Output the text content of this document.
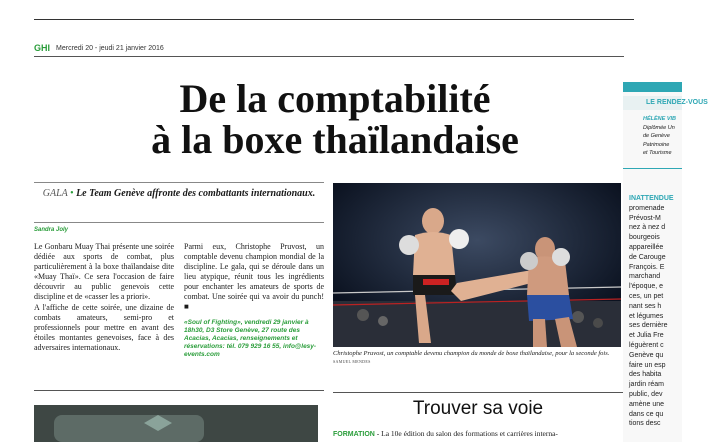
GHI Mercredi 20 - jeudi 21 janvier 2016
De la comptabilité
à la boxe thaïlandaise
GALA • Le Team Genève affronte des combattants internationaux.
Sandra Joly

Le Gonbaru Muay Thai présente une soirée dédiée aux sports de combat, plus particulièrement à la boxe thaïlandaise dite «Muay Thaï». Ce sera l'occasion de faire découvrir au public genevois cette discipline et de «casser les a priori».

A l'affiche de cette soirée, une dizaine de combats amateurs, semi-pro et professionnels pour mettre en avant des étoiles montantes genevoises, face à des adversaires internationaux.

Parmi eux, Christophe Pruvost, un comptable devenu champion mondial de la discipline. Le gala, qui se déroule dans un lieu atypique, réunit tous les ingrédients pour enchanter les amateurs de sports de combat. Une soirée qui va avoir du punch! ■

«Soul of Fighting», vendredi 29 janvier à 18h30, D3 Store Genève, 27 route des Acacias, Acacias, renseignements et réservations: tél. 079 929 16 55, info@lesy-events.com	Christophe Pruvost, un comptable devenu champion du monde de boxe thaïlandaise, pour la seconde fois. SAMUEL MENDES
LE RENDEZ-VOUS
HÉLÈNE VIB
Diplômée Un
de Genève
Patrimoine
et Tourisme
INATTENDUE
promenade
Prévost-M
nez à nez d
bourgeois
appareillée
de Carouge
François. E
marchand
l'époque, e
ces, un pet
nant ses h
et légumes
ses dernière
et Julia Fre
léguèrent c
Genève qu
faire un esp
des habita
jardin réam
public, dev
amène une
dans ce qu
tions desc
Trouver sa voie
FORMATION - La 10e édition du salon des formations et carrières interna-
